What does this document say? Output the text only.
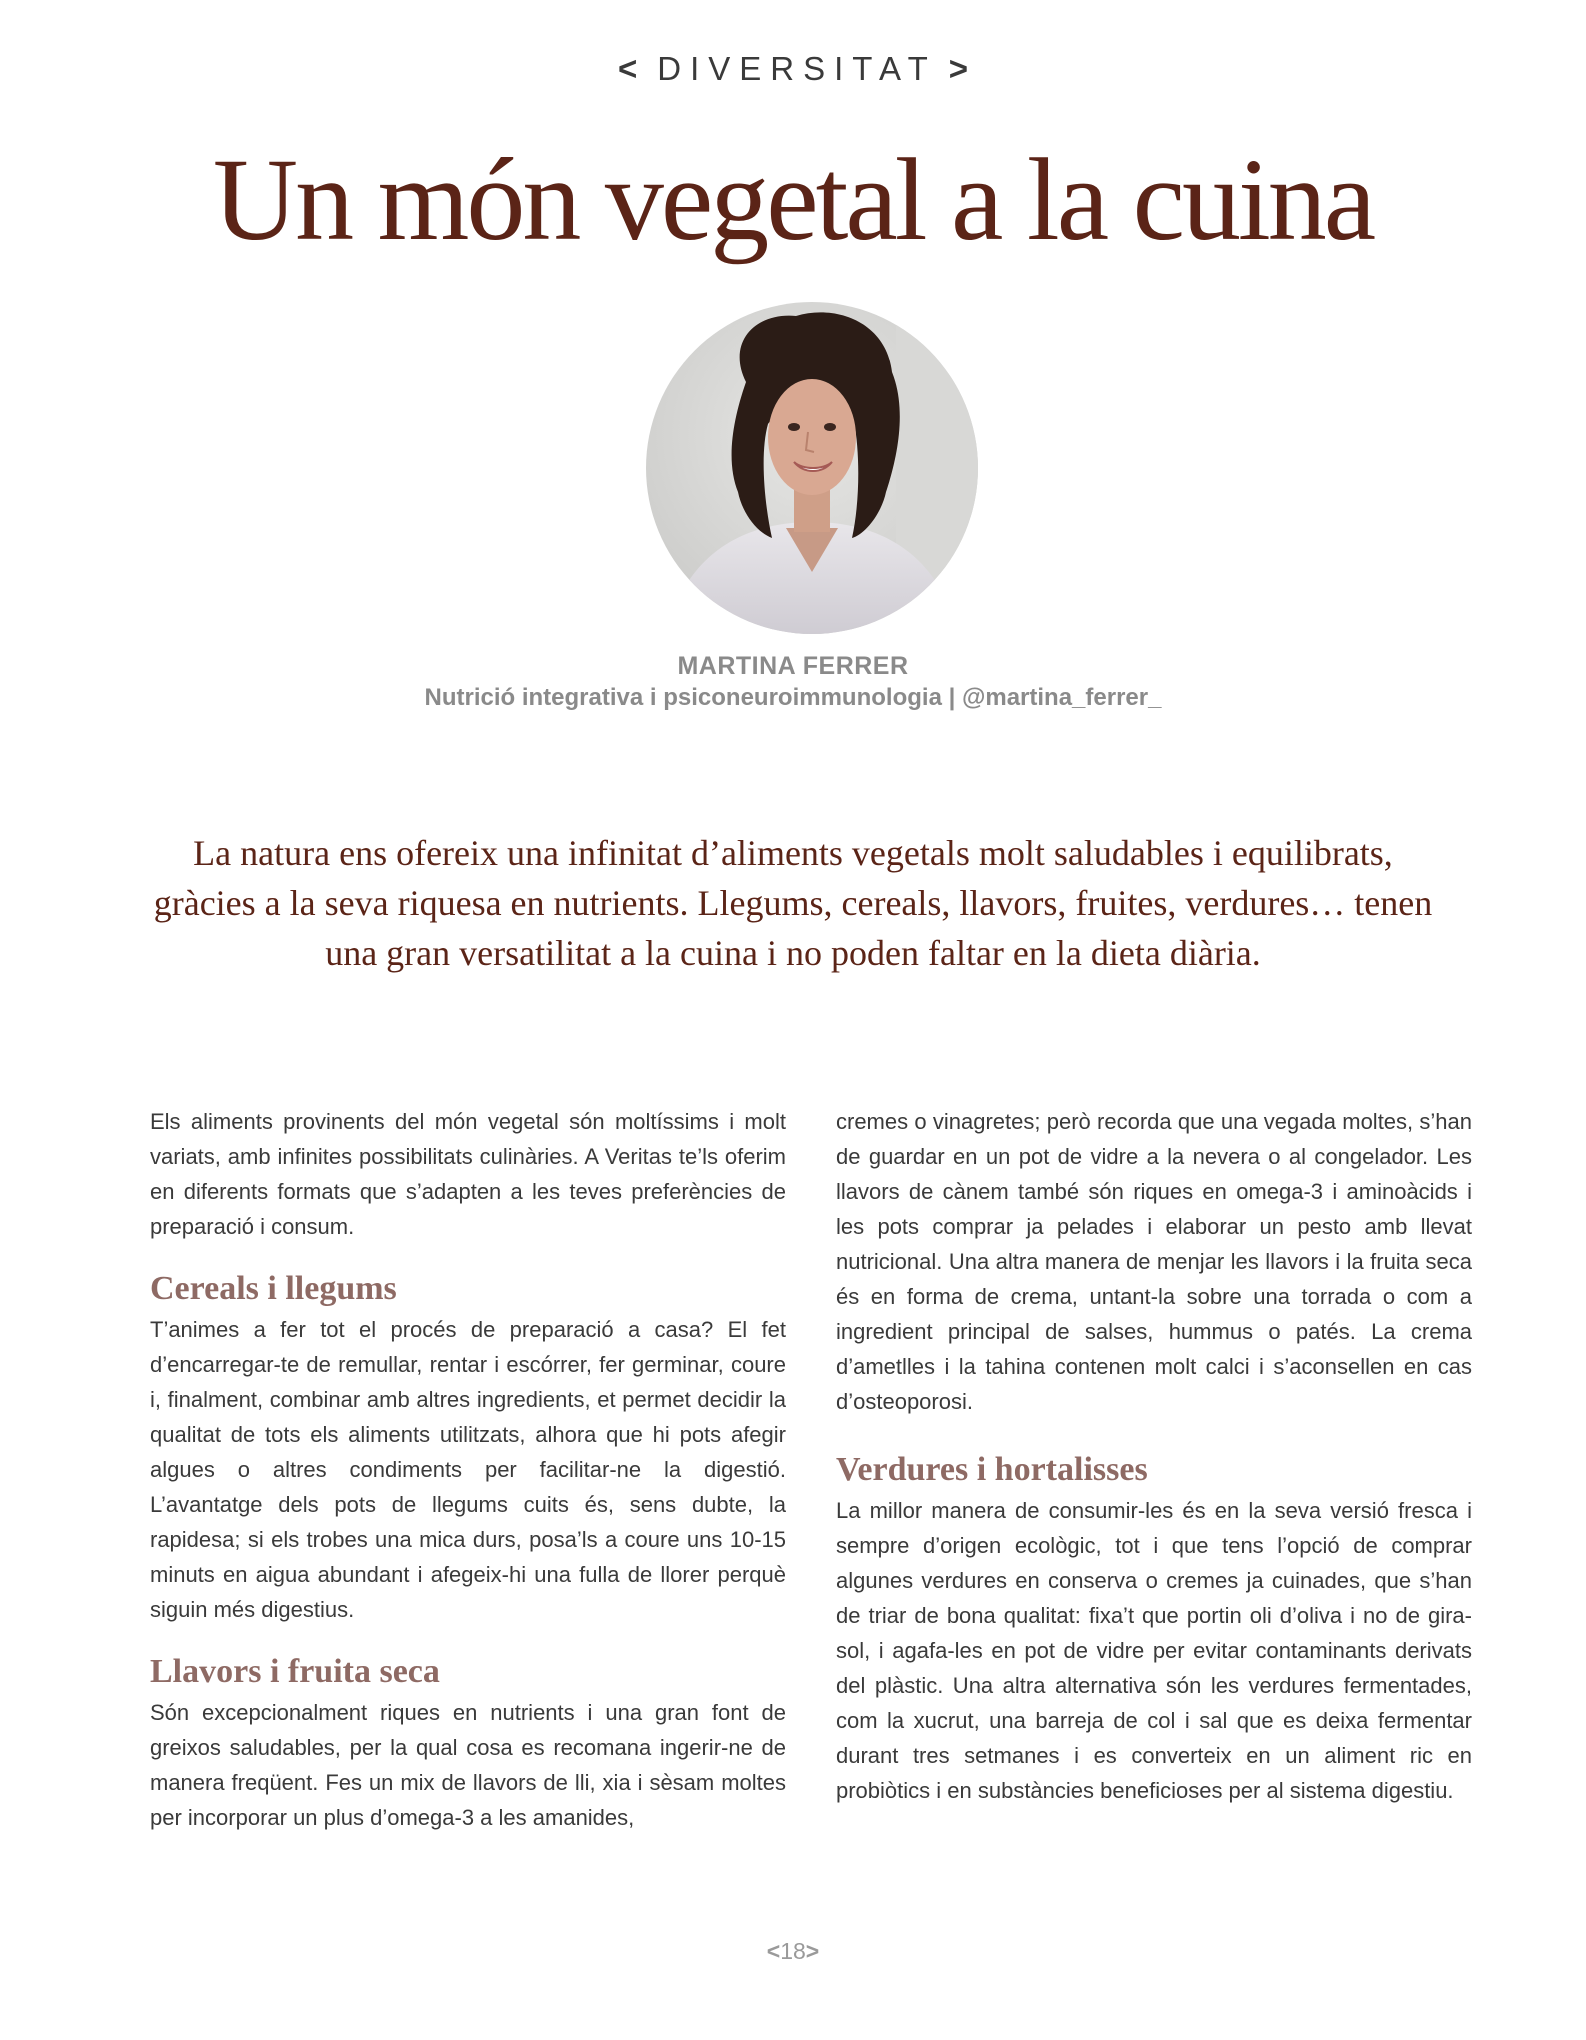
< DIVERSITAT >
Un món vegetal a la cuina
MARTINA FERRER
Nutrició integrativa i psiconeuroimmunologia | @martina_ferrer_

La natura ens ofereix una infinitat d’aliments vegetals molt saludables i equilibrats, gràcies a la seva riquesa en nutrients. Llegums, cereals, llavors, fruites, verdures… tenen una gran versatilitat a la cuina i no poden faltar en la dieta diària.

Els aliments provinents del món vegetal són moltíssims i molt variats, amb infinites possibilitats culinàries. A Veritas te’ls oferim en diferents formats que s’adapten a les teves preferències de preparació i consum.

Cereals i llegums

T’animes a fer tot el procés de preparació a casa? El fet d’encarregar-te de remullar, rentar i escórrer, fer germinar, coure i, finalment, combinar amb altres ingredients, et permet decidir la qualitat de tots els aliments utilitzats, alhora que hi pots afegir algues o altres condiments per facilitar-ne la digestió. L’avantatge dels pots de llegums cuits és, sens dubte, la rapidesa; si els trobes una mica durs, posa’ls a coure uns 10-15 minuts en aigua abundant i afegeix-hi una fulla de llorer perquè siguin més digestius.

Llavors i fruita seca

Són excepcionalment riques en nutrients i una gran font de greixos saludables, per la qual cosa es recomana ingerir-ne de manera freqüent. Fes un mix de llavors de lli, xia i sèsam moltes per incorporar un plus d’omega-3 a les amanides,

cremes o vinagretes; però recorda que una vegada moltes, s’han de guardar en un pot de vidre a la nevera o al congelador. Les llavors de cànem també són riques en omega-3 i aminoàcids i les pots comprar ja pelades i elaborar un pesto amb llevat nutricional. Una altra manera de menjar les llavors i la fruita seca és en forma de crema, untant-la sobre una torrada o com a ingredient principal de salses, hummus o patés. La crema d’ametlles i la tahina contenen molt calci i s’aconsellen en cas d’osteoporosi.

Verdures i hortalisses

La millor manera de consumir-les és en la seva versió fresca i sempre d’origen ecològic, tot i que tens l’opció de comprar algunes verdures en conserva o cremes ja cuinades, que s’han de triar de bona qualitat: fixa’t que portin oli d’oliva i no de gira-sol, i agafa-les en pot de vidre per evitar contaminants derivats del plàstic. Una altra alternativa són les verdures fermentades, com la xucrut, una barreja de col i sal que es deixa fermentar durant tres setmanes i es converteix en un aliment ric en probiòtics i en substàncies beneficioses per al sistema digestiu.

<18>
